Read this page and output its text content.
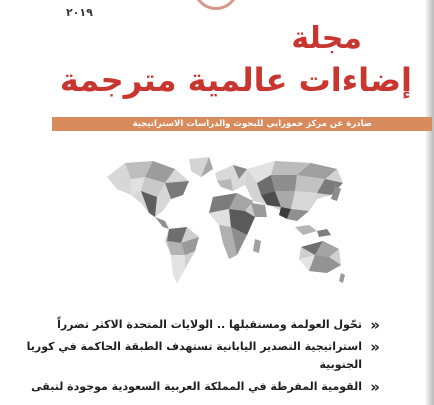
٢٠١٩
مجلة
إضاءات عالمية مترجمة
صادرة عن مركز حمورابي للبحوث والدراسات الاستراتيجية
«
تحّول العولمة ومستقبلها .. الولايات المتحدة الاكثر تضرراً
«
استراتيجية التصدير اليابانية تستهدف الطبقة الحاكمة في كوريا الجنوبية
«
القومية المفرطة في المملكة العربية السعودية موجودة لتبقى
